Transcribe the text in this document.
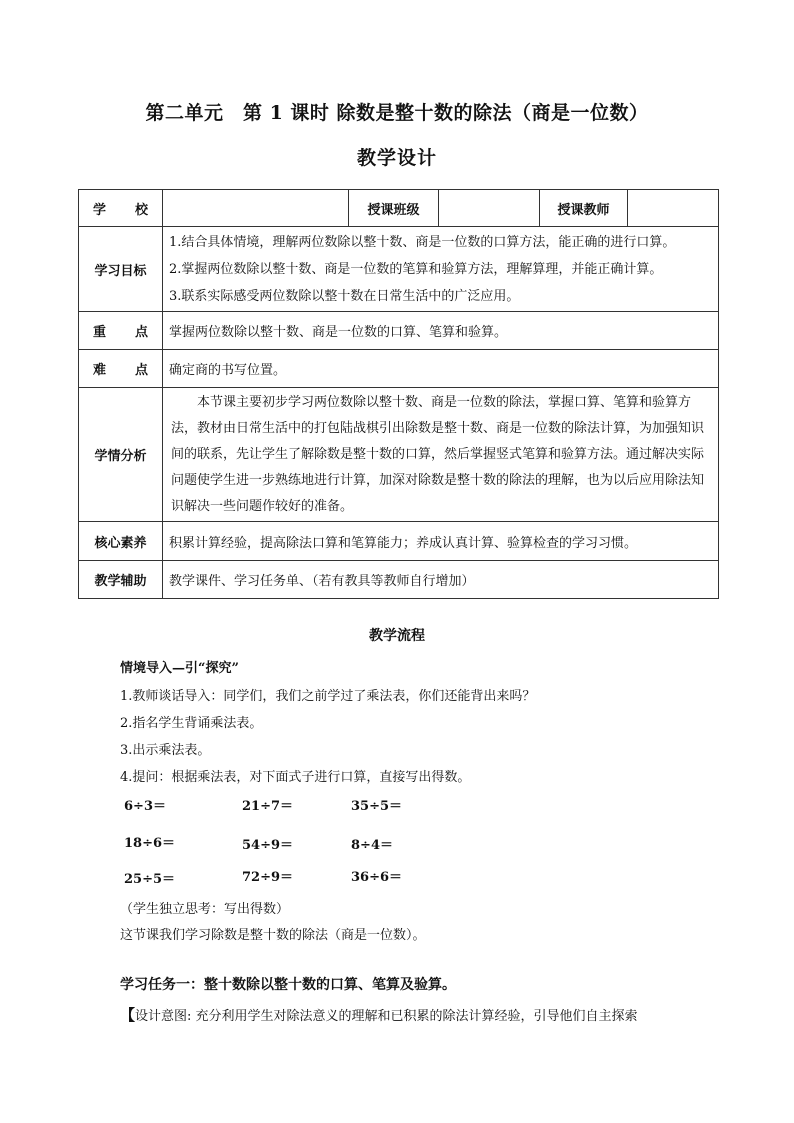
第二单元　第 1 课时 除数是整十数的除法（商是一位数）
教学设计
学 校		授课班级		授课教师	
学习目标	1.结合具体情境，理解两位数除以整十数、商是一位数的口算方法，能正确的进行口算。
2.掌握两位数除以整十数、商是一位数的笔算和验算方法，理解算理，并能正确计算。
3.联系实际感受两位数除以整十数在日常生活中的广泛应用。				

重 点	掌握两位数除以整十数、商是一位数的口算、笔算和验算。				

难 点	确定商的书写位置。				
学情分析	本节课主要初步学习两位数除以整十数、商是一位数的除法，掌握口算、笔算和验算方法，教材由日常生活中的打包陆战棋引出除数是整十数、商是一位数的除法计算，为加强知识间的联系，先让学生了解除数是整十数的口算，然后掌握竖式笔算和验算方法。通过解决实际问题使学生进一步熟练地进行计算，加深对除数是整十数的除法的理解，也为以后应用除法知识解决一些问题作较好的准备。				

核心素养	积累计算经验，提高除法口算和笔算能力；养成认真计算、验算检查的学习习惯。				
教学辅助	教学课件、学习任务单、（若有教具等教师自行增加）				
教学流程
情境导入—引“探究”
1.教师谈话导入：同学们，我们之前学过了乘法表，你们还能背出来吗？
2.指名学生背诵乘法表。
3.出示乘法表。
4.提问：根据乘法表，对下面式子进行口算，直接写出得数。
6÷3＝	21÷7＝	35÷5＝
18÷6＝	54÷9＝	8÷4＝
25÷5＝	72÷9＝	36÷6＝
（学生独立思考：写出得数）
这节课我们学习除数是整十数的除法（商是一位数）。
学习任务一：整十数除以整十数的口算、笔算及验算。
【设计意图: 充分利用学生对除法意义的理解和已积累的除法计算经验，引导他们自主探索
